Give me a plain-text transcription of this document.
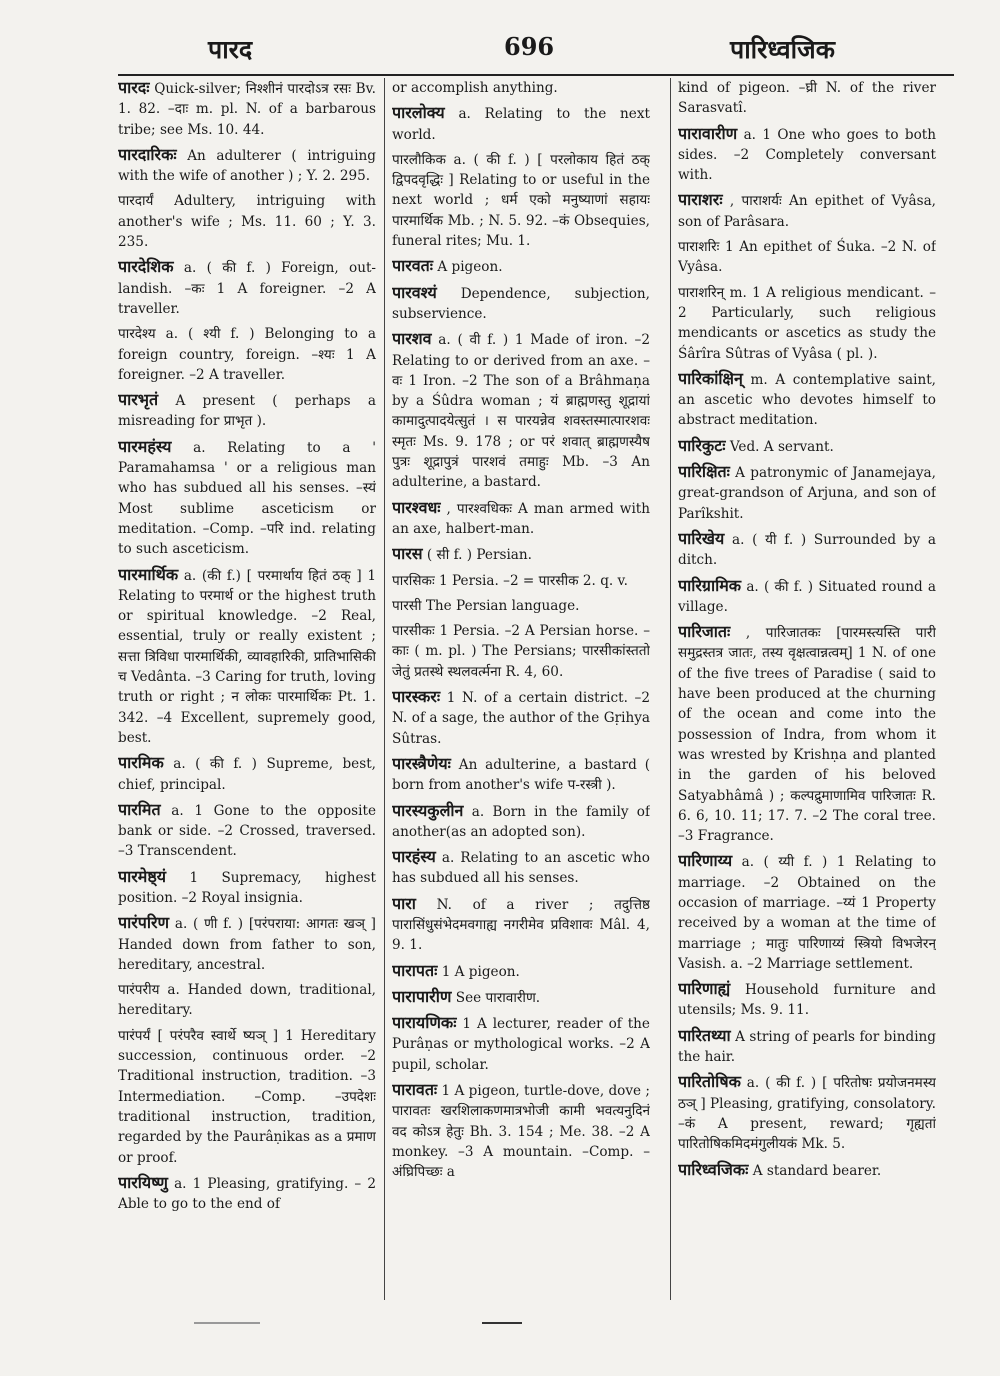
पारद	696	पारिध्वजिक

पारदः Quick-silver; निश्शीनं पारदोऽत्र रसः Bv. 1. 82. –दाः m. pl. N. of a barbarous tribe; see Ms. 10. 44.

पारदारिकः An adulterer ( intriguing with the wife of another ) ; Y. 2. 295.

पारदार्यं Adultery, intriguing with another's wife ; Ms. 11. 60 ; Y. 3. 235.

पारदेशिक a. ( की f. ) Foreign, out-landish. –कः 1 A foreigner. –2 A traveller.

पारदेश्य a. ( श्यी f. ) Belonging to a foreign country, foreign. –श्यः 1 A foreigner. –2 A traveller.

पारभृतं A present ( perhaps a misreading for प्राभृत ).

पारमहंस्य a. Relating to a ' Paramahamsa ' or a religious man who has subdued all his senses. –स्यं Most sublime asceticism or meditation. –Comp. –परि ind. relating to such asceticism.

पारमार्थिक a. (की f.) [ परमार्थाय हितं ठक् ] 1 Relating to परमार्थ or the highest truth or spiritual knowledge. –2 Real, essential, truly or really existent ; सत्ता त्रिविधा पारमार्थिकी, व्यावहारिकी, प्रातिभासिकी च Vedânta. –3 Caring for truth, loving truth or right ; न लोकः पारमार्थिकः Pt. 1. 342. –4 Excellent, supremely good, best.

पारमिक a. ( की f. ) Supreme, best, chief, principal.

पारमित a. 1 Gone to the opposite bank or side. –2 Crossed, traversed. –3 Transcendent.

पारमेष्ठ्यं 1 Supremacy, highest position. –2 Royal insignia.

पारंपरिण a. ( णी f. ) [परंपराया: आगतः खञ् ] Handed down from father to son, hereditary, ancestral.

पारंपरीय a. Handed down, traditional, hereditary.

पारंपर्यं [ परंपरैव स्वार्थे ष्यञ् ] 1 Hereditary succession, continuous order. –2 Traditional instruction, tradition. –3 Intermediation. –Comp. –उपदेशः traditional instruction, tradition, regarded by the Paurâṇikas as a प्रमाण or proof.

पारयिष्णु a. 1 Pleasing, gratifying. – 2 Able to go to the end of

or accomplish anything.

पारलोक्य a. Relating to the next world.

पारलौकिक a. ( की f. ) [ परलोकाय हितं ठक् द्विपदवृद्धिः ] Relating to or useful in the next world ; धर्म एको मनुष्याणां सहायः पारमार्थिक Mb. ; N. 5. 92. –कं Obsequies, funeral rites; Mu. 1.

पारवतः A pigeon.

पारवश्यं Dependence, subjection, subservience.

पारशव a. ( वी f. ) 1 Made of iron. –2 Relating to or derived from an axe. –वः 1 Iron. –2 The son of a Brâhmaṇa by a Śûdra woman ; यं ब्राह्मणस्तु शूद्रायां कामादुत्पादयेत्सुतं । स पारयन्नेव शवस्तस्मात्पारशवः स्मृतः Ms. 9. 178 ; or परं शवात् ब्राह्मणस्यैष पुत्रः शूद्रापुत्रं पारशवं तमाहुः Mb. –3 An adulterine, a bastard.

पारश्वधः , पारश्वधिकः A man armed with an axe, halbert-man.

पारस ( सी f. ) Persian.

पारसिकः 1 Persia. –2 = पारसीक 2. q. v.

पारसी The Persian language.

पारसीकः 1 Persia. –2 A Persian horse. –काः ( m. pl. ) The Persians; पारसीकांस्ततो जेतुं प्रतस्थे स्थलवर्त्मना R. 4, 60.

पारस्करः 1 N. of a certain district. –2 N. of a sage, the author of the Gṛihya Sûtras.

पारस्त्रैणेयः An adulterine, a bastard ( born from another's wife प-रस्त्री ).

पारस्यकुलीन a. Born in the family of another(as an adopted son).

पारहंस्य a. Relating to an ascetic who has subdued all his senses.

पारा N. of a river ; तदुत्तिष्ठ पारासिंधुसंभेदमवगाह्य नगरीमेव प्रविशावः Mâl. 4, 9. 1.

पारापतः 1 A pigeon.

पारापारीण See पारावारीण.

पारायणिकः 1 A lecturer, reader of the Purâṇas or mythological works. –2 A pupil, scholar.

पारावतः 1 A pigeon, turtle-dove, dove ; पारावतः खरशिलाकणमात्रभोजी कामी भवत्यनुदिनं वद कोऽत्र हेतुः Bh. 3. 154 ; Me. 38. –2 A monkey. –3 A mountain. –Comp. –अंघ्रिपिच्छः a

kind of pigeon. –घ्री N. of the river Sarasvatî.

पारावारीण a. 1 One who goes to both sides. –2 Completely conversant with.

पाराशरः , पाराशर्यः An epithet of Vyâsa, son of Parâsara.

पाराशरिः 1 An epithet of Śuka. –2 N. of Vyâsa.

पाराशरिन् m. 1 A religious mendicant. –2 Particularly, such religious mendicants or ascetics as study the Śârîra Sûtras of Vyâsa ( pl. ).

पारिकांक्षिन् m. A contemplative saint, an ascetic who devotes himself to abstract meditation.

पारिकुटः Ved. A servant.

पारिक्षितः A patronymic of Janamejaya, great-grandson of Arjuna, and son of Parîkshit.

पारिखेय a. ( यी f. ) Surrounded by a ditch.

पारिग्रामिक a. ( की f. ) Situated round a village.

पारिजातः , पारिजातकः [पारमस्त्यस्ति पारी समुद्रस्तत्र जातः, तस्य वृक्षत्वान्नत्वम्] 1 N. of one of the five trees of Paradise ( said to have been produced at the churning of the ocean and come into the possession of Indra, from whom it was wrested by Krishṇa and planted in the garden of his beloved Satyabhâmâ ) ; कल्पद्रुमाणामिव पारिजातः R. 6. 6, 10. 11; 17. 7. –2 The coral tree. –3 Fragrance.

पारिणाय्य a. ( य्यी f. ) 1 Relating to marriage. –2 Obtained on the occasion of marriage. –य्यं 1 Property received by a woman at the time of marriage ; मातुः पारिणाय्यं स्त्रियो विभजेरन् Vasish. a. –2 Marriage settlement.

पारिणाह्यं Household furniture and utensils; Ms. 9. 11.

पारितथ्या A string of pearls for binding the hair.

पारितोषिक a. ( की f. ) [ परितोषः प्रयोजनमस्य ठञ् ] Pleasing, gratifying, consolatory. –कं A present, reward; गृह्यतां पारितोषिकमिदमंगुलीयकं Mk. 5.

पारिध्वजिकः A standard bearer.
